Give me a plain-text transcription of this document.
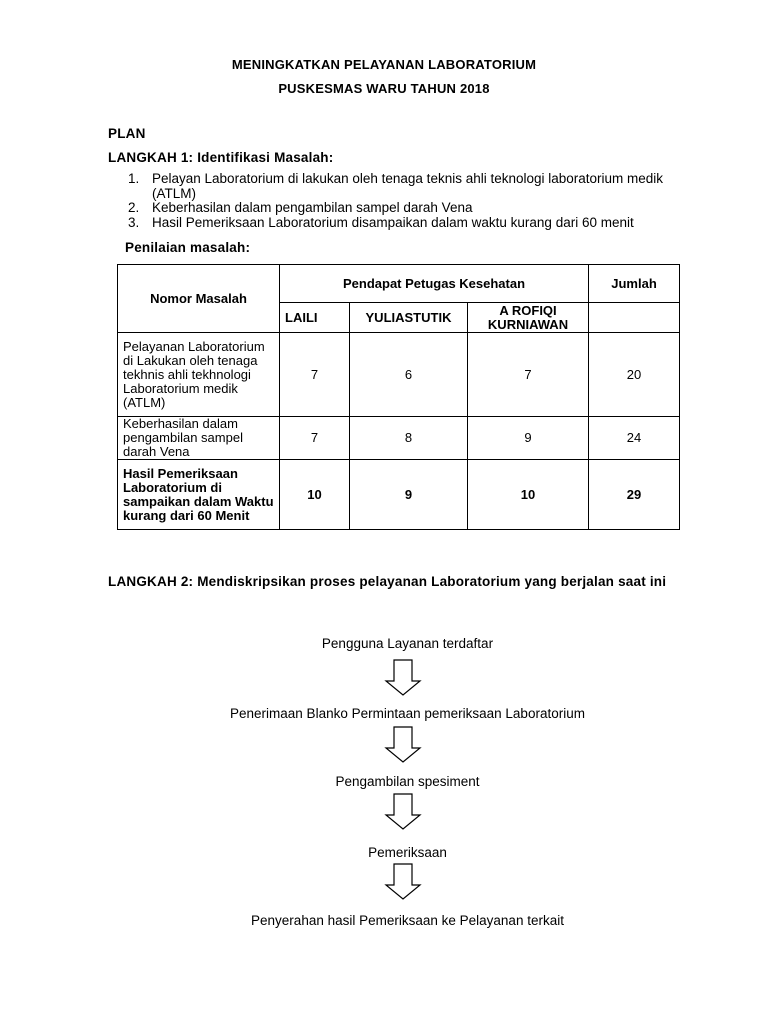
MENINGKATKAN PELAYANAN LABORATORIUM
PUSKESMAS WARU TAHUN 2018
PLAN
LANGKAH 1: Identifikasi Masalah:
1. Pelayan Laboratorium di lakukan oleh tenaga teknis ahli teknologi laboratorium medik (ATLM)
2. Keberhasilan dalam pengambilan sampel darah Vena
3. Hasil Pemeriksaan Laboratorium disampaikan dalam waktu kurang dari 60 menit
Penilaian masalah:
Nomor Masalah	Pendapat Petugas Kesehatan			Jumlah
	LAILI	YULIASTUTIK	A ROFIQI KURNIAWAN	
Pelayanan Laboratorium di Lakukan oleh tenaga tekhnis ahli tekhnologi Laboratorium medik (ATLM)	7	6	7	20
Keberhasilan dalam pengambilan sampel darah Vena	7	8	9	24
Hasil Pemeriksaan Laboratorium di sampaikan dalam Waktu kurang dari 60 Menit	10	9	10	29
LANGKAH 2: Mendiskripsikan proses pelayanan Laboratorium yang berjalan saat ini
Pengguna Layanan terdaftar
Penerimaan Blanko Permintaan pemeriksaan Laboratorium
Pengambilan spesiment
Pemeriksaan
Penyerahan hasil Pemeriksaan ke Pelayanan terkait
